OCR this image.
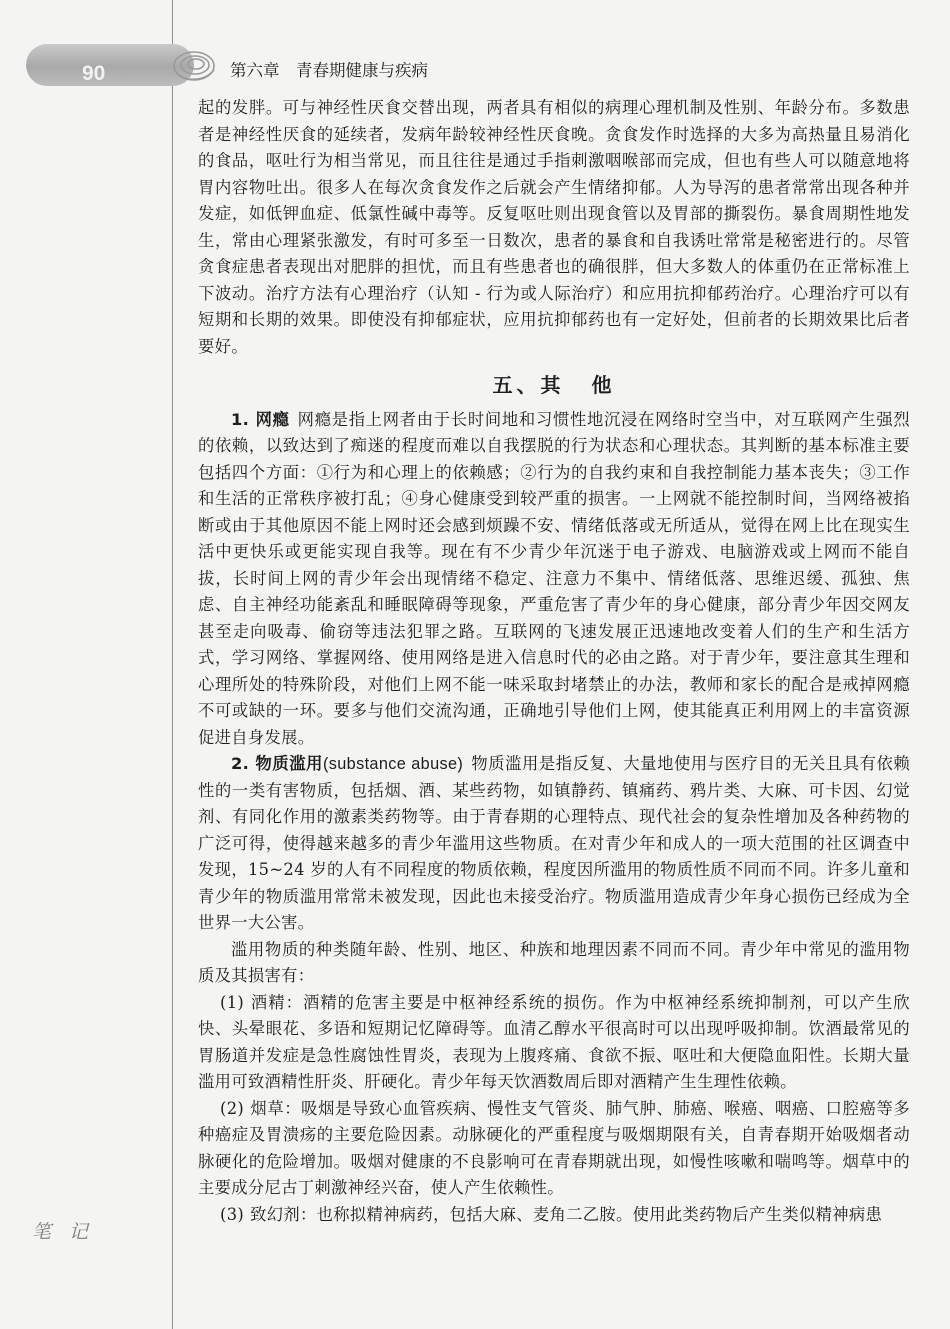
90	第六章　青春期健康与疾病

起的发胖。可与神经性厌食交替出现，两者具有相似的病理心理机制及性别、年龄分布。多数患者是神经性厌食的延续者，发病年龄较神经性厌食晚。贪食发作时选择的大多为高热量且易消化的食品，呕吐行为相当常见，而且往往是通过手指刺激咽喉部而完成，但也有些人可以随意地将胃内容物吐出。很多人在每次贪食发作之后就会产生情绪抑郁。人为导泻的患者常常出现各种并发症，如低钾血症、低氯性碱中毒等。反复呕吐则出现食管以及胃部的撕裂伤。暴食周期性地发生，常由心理紧张激发，有时可多至一日数次，患者的暴食和自我诱吐常常是秘密进行的。尽管贪食症患者表现出对肥胖的担忧，而且有些患者也的确很胖，但大多数人的体重仍在正常标准上下波动。治疗方法有心理治疗（认知 - 行为或人际治疗）和应用抗抑郁药治疗。心理治疗可以有短期和长期的效果。即使没有抑郁症状，应用抗抑郁药也有一定好处，但前者的长期效果比后者要好。

五、其 他

1. 网瘾 网瘾是指上网者由于长时间地和习惯性地沉浸在网络时空当中，对互联网产生强烈的依赖，以致达到了痴迷的程度而难以自我摆脱的行为状态和心理状态。其判断的基本标准主要包括四个方面：①行为和心理上的依赖感；②行为的自我约束和自我控制能力基本丧失；③工作和生活的正常秩序被打乱；④身心健康受到较严重的损害。一上网就不能控制时间，当网络被掐断或由于其他原因不能上网时还会感到烦躁不安、情绪低落或无所适从，觉得在网上比在现实生活中更快乐或更能实现自我等。现在有不少青少年沉迷于电子游戏、电脑游戏或上网而不能自拔，长时间上网的青少年会出现情绪不稳定、注意力不集中、情绪低落、思维迟缓、孤独、焦虑、自主神经功能紊乱和睡眠障碍等现象，严重危害了青少年的身心健康，部分青少年因交网友甚至走向吸毒、偷窃等违法犯罪之路。互联网的飞速发展正迅速地改变着人们的生产和生活方式，学习网络、掌握网络、使用网络是进入信息时代的必由之路。对于青少年，要注意其生理和心理所处的特殊阶段，对他们上网不能一味采取封堵禁止的办法，教师和家长的配合是戒掉网瘾不可或缺的一环。要多与他们交流沟通，正确地引导他们上网，使其能真正利用网上的丰富资源促进自身发展。

2. 物质滥用(substance abuse) 物质滥用是指反复、大量地使用与医疗目的无关且具有依赖性的一类有害物质，包括烟、酒、某些药物，如镇静药、镇痛药、鸦片类、大麻、可卡因、幻觉剂、有同化作用的激素类药物等。由于青春期的心理特点、现代社会的复杂性增加及各种药物的广泛可得，使得越来越多的青少年滥用这些物质。在对青少年和成人的一项大范围的社区调查中发现，15~24 岁的人有不同程度的物质依赖，程度因所滥用的物质性质不同而不同。许多儿童和青少年的物质滥用常常未被发现，因此也未接受治疗。物质滥用造成青少年身心损伤已经成为全世界一大公害。

滥用物质的种类随年龄、性别、地区、种族和地理因素不同而不同。青少年中常见的滥用物质及其损害有：

(1) 酒精：酒精的危害主要是中枢神经系统的损伤。作为中枢神经系统抑制剂，可以产生欣快、头晕眼花、多语和短期记忆障碍等。血清乙醇水平很高时可以出现呼吸抑制。饮酒最常见的胃肠道并发症是急性腐蚀性胃炎，表现为上腹疼痛、食欲不振、呕吐和大便隐血阳性。长期大量滥用可致酒精性肝炎、肝硬化。青少年每天饮酒数周后即对酒精产生生理性依赖。

(2) 烟草：吸烟是导致心血管疾病、慢性支气管炎、肺气肿、肺癌、喉癌、咽癌、口腔癌等多种癌症及胃溃疡的主要危险因素。动脉硬化的严重程度与吸烟期限有关，自青春期开始吸烟者动脉硬化的危险增加。吸烟对健康的不良影响可在青春期就出现，如慢性咳嗽和喘鸣等。烟草中的主要成分尼古丁刺激神经兴奋，使人产生依赖性。

(3) 致幻剂：也称拟精神病药，包括大麻、麦角二乙胺。使用此类药物后产生类似精神病患

笔 记
